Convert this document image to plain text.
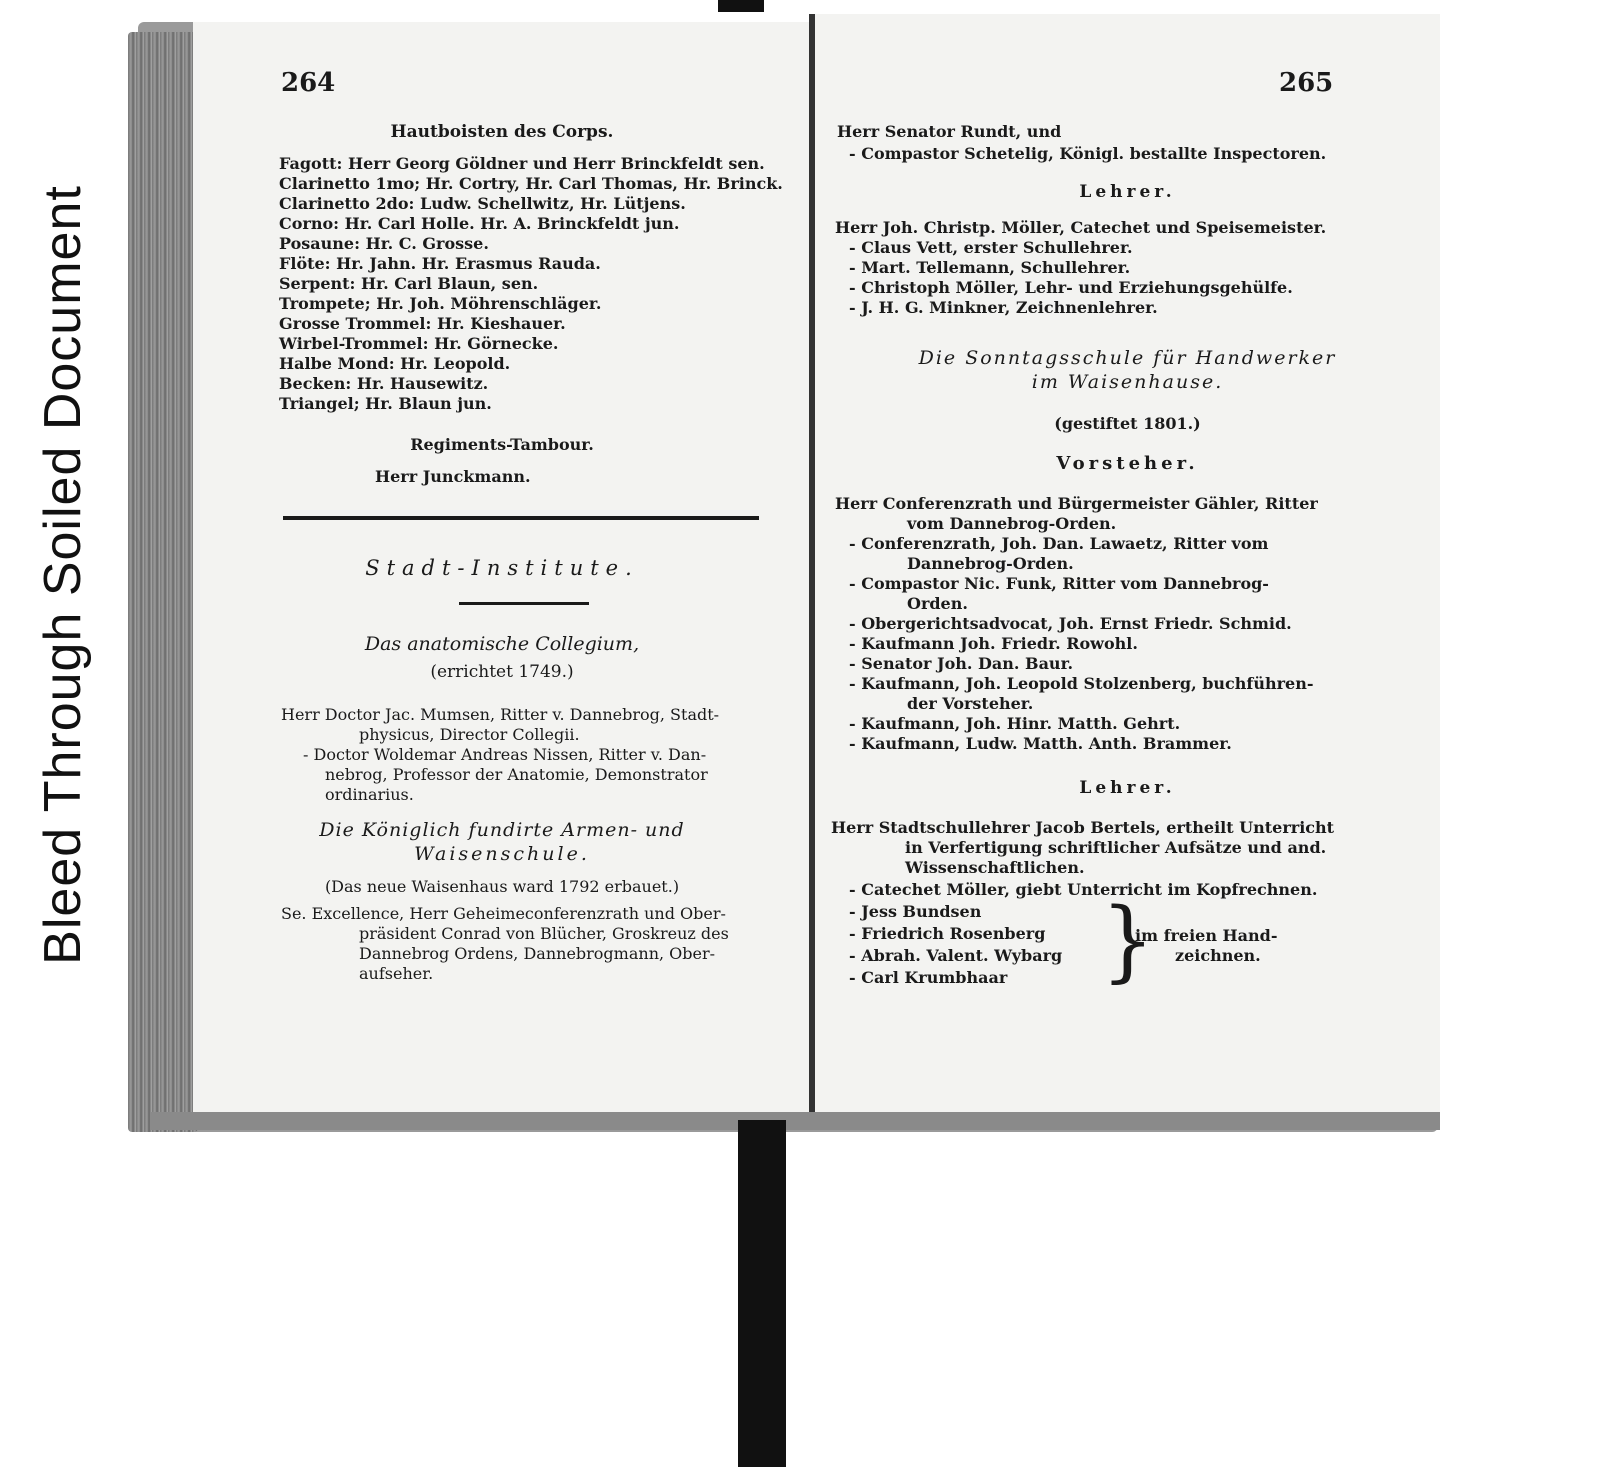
Bleed Through Soiled Document
264
Hautboisten des Corps.
Fagott: Herr Georg Göldner und Herr Brinckfeldt sen.
Clarinetto 1mo; Hr. Cortry, Hr. Carl Thomas, Hr. Brinck.
Clarinetto 2do: Ludw. Schellwitz, Hr. Lütjens.
Corno: Hr. Carl Holle. Hr. A. Brinckfeldt jun.
Posaune: Hr. C. Grosse.
Flöte: Hr. Jahn. Hr. Erasmus Rauda.
Serpent: Hr. Carl Blaun, sen.
Trompete; Hr. Joh. Möhrenschläger.
Grosse Trommel: Hr. Kieshauer.
Wirbel-Trommel: Hr. Görnecke.
Halbe Mond: Hr. Leopold.
Becken: Hr. Hausewitz.
Triangel; Hr. Blaun jun.
Regiments-Tambour.
Herr Junckmann.
Stadt-Institute.
Das anatomische Collegium,
(errichtet 1749.)
Herr Doctor Jac. Mumsen, Ritter v. Dannebrog, Stadt-
physicus, Director Collegii.
- Doctor Woldemar Andreas Nissen, Ritter v. Dan-
nebrog, Professor der Anatomie, Demonstrator
ordinarius.
Die Königlich fundirte Armen- und
Waisenschule.
(Das neue Waisenhaus ward 1792 erbauet.)
Se. Excellence, Herr Geheimeconferenzrath und Ober-
präsident Conrad von Blücher, Groskreuz des
Dannebrog Ordens, Dannebrogmann, Ober-
aufseher.
265
Herr Senator Rundt, und
- Compastor Schetelig, Königl. bestallte Inspectoren.
Lehrer.
Herr Joh. Christp. Möller, Catechet und Speisemeister.
- Claus Vett, erster Schullehrer.
- Mart. Tellemann, Schullehrer.
- Christoph Möller, Lehr- und Erziehungsgehülfe.
- J. H. G. Minkner, Zeichnenlehrer.
Die Sonntagsschule für Handwerker
im Waisenhause.
(gestiftet 1801.)
Vorsteher.
Herr Conferenzrath und Bürgermeister Gähler, Ritter
vom Dannebrog-Orden.
- Conferenzrath, Joh. Dan. Lawaetz, Ritter vom
Dannebrog-Orden.
- Compastor Nic. Funk, Ritter vom Dannebrog-
Orden.
- Obergerichtsadvocat, Joh. Ernst Friedr. Schmid.
- Kaufmann Joh. Friedr. Rowohl.
- Senator Joh. Dan. Baur.
- Kaufmann, Joh. Leopold Stolzenberg, buchführen-
der Vorsteher.
- Kaufmann, Joh. Hinr. Matth. Gehrt.
- Kaufmann, Ludw. Matth. Anth. Brammer.
Lehrer.
Herr Stadtschullehrer Jacob Bertels, ertheilt Unterricht
in Verfertigung schriftlicher Aufsätze und and.
Wissenschaftlichen.
- Catechet Möller, giebt Unterricht im Kopfrechnen.
- Jess Bundsen
- Friedrich Rosenberg
- Abrah. Valent. Wybarg
- Carl Krumbhaar }
im freien Hand-
zeichnen.
